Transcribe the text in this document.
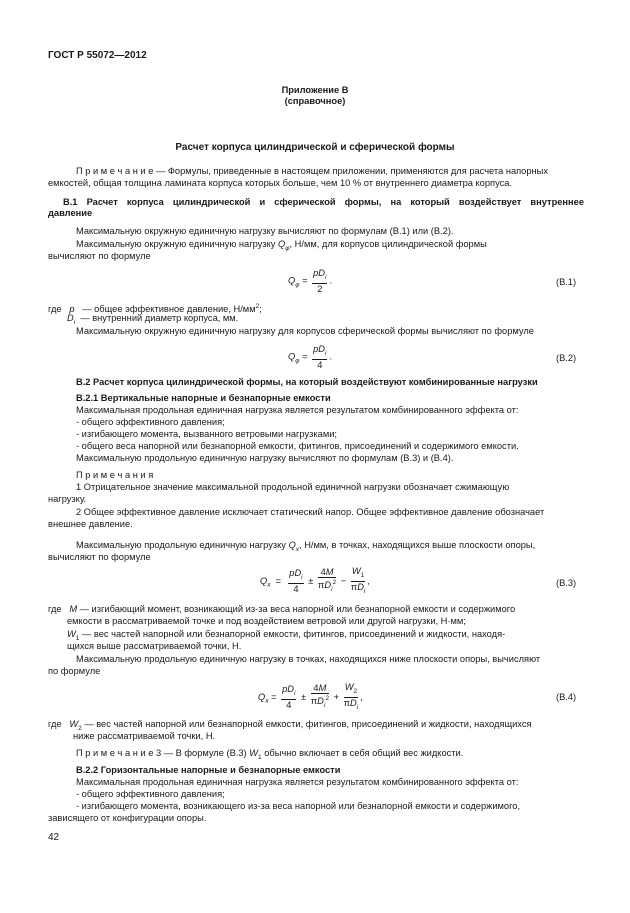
ГОСТ Р 55072—2012
Приложение В
(справочное)
Расчет корпуса цилиндрической и сферической формы
П р и м е ч а н и е — Формулы, приведенные в настоящем приложении, применяются для расчета напорных
емкостей, общая толщина ламината корпуса которых больше, чем 10 % от внутреннего диаметра корпуса.
В.1 Расчет корпуса цилиндрической и сферической формы, на который воздействует внутреннее
давление
Максимальную окружную единичную нагрузку вычисляют по формулам (В.1) или (В.2).
Максимальную окружную единичную нагрузку $Q_\varphi$, Н/мм, для корпусов цилиндрической формы
вычисляют по формуле
$Q_\varphi = \frac{pD_i}{2}$ .	(В.1)
где p — общее эффективное давление, $Н/мм^2$;
$D_i$ — внутренний диаметр корпуса, мм.
Максимальную окружную единичную нагрузку для корпусов сферической формы вычисляют по формуле
$Q_\varphi = \frac{pD_i}{4}$ .	(В.2)
В.2 Расчет корпуса цилиндрической формы, на который воздействуют комбинированные нагрузки
В.2.1 Вертикальные напорные и безнапорные емкости
Максимальная продольная единичная нагрузка является результатом комбинированного эффекта от:
- общего эффективного давления;
- изгибающего момента, вызванного ветровыми нагрузками;
- общего веса напорной или безнапорной емкости, фитингов, присоединений и содержимого емкости.
Максимальную продольную единичную нагрузку вычисляют по формулам (В.3) и (В.4).
П р и м е ч а н и я
1 Отрицательное значение максимальной продольной единичной нагрузки обозначает сжимающую
нагрузку.
2 Общее эффективное давление исключает статический напор. Общее эффективное давление обозначает
внешнее давление.
Максимальную продольную единичную нагрузку $Q_x$, Н/мм, в точках, находящихся выше плоскости опоры,
вычисляют по формуле
$Q_x = \frac{pD_i}{4} \pm \frac{4M}{\pi D_i^2} - \frac{W_1}{\pi D_i}$ ,	(В.3)
где M — изгибающий момент, возникающий из-за веса напорной или безнапорной емкости и содержимого
емкости в рассматриваемой точке и под воздействием ветровой или другой нагрузки, Н·мм;
$W_1$ — вес частей напорной или безнапорной емкости, фитингов, присоединений и жидкости, находя-
щихся выше рассматриваемой точки, Н.
Максимальную продольную единичную нагрузку в точках, находящихся ниже плоскости опоры, вычисляют
по формуле
$Q_x = \frac{pD_i}{4} \pm \frac{4M}{\pi D_i^2} + \frac{W_2}{\pi D_i}$ ,	(В.4)
где $W_2$ — вес частей напорной или безнапорной емкости, фитингов, присоединений и жидкости, находящихся
ниже рассматриваемой точки, Н.
П р и м е ч а н и е 3 — В формуле (В.3) $W_1$ обычно включает в себя общий вес жидкости.
В.2.2 Горизонтальные напорные и безнапорные емкости
Максимальная продольная единичная нагрузка является результатом комбинированного эффекта от:
- общего эффективного давления;
- изгибающего момента, возникающего из-за веса напорной или безнапорной емкости и содержимого,
зависящего от конфигурации опоры.
42
